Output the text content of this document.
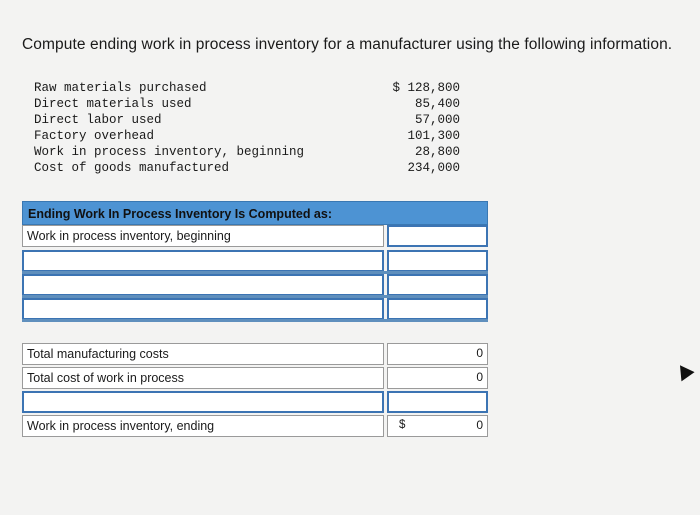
Compute ending work in process inventory for a manufacturer using the following information.
Raw materials purchased	$ 128,800
Direct materials used	85,400
Direct labor used	57,000
Factory overhead	101,300
Work in process inventory, beginning	28,800
Cost of goods manufactured	234,000
Ending Work In Process Inventory Is Computed as:
Work in process inventory, beginning
Total manufacturing costs	0
Total cost of work in process	0
Work in process inventory, ending	$	0
